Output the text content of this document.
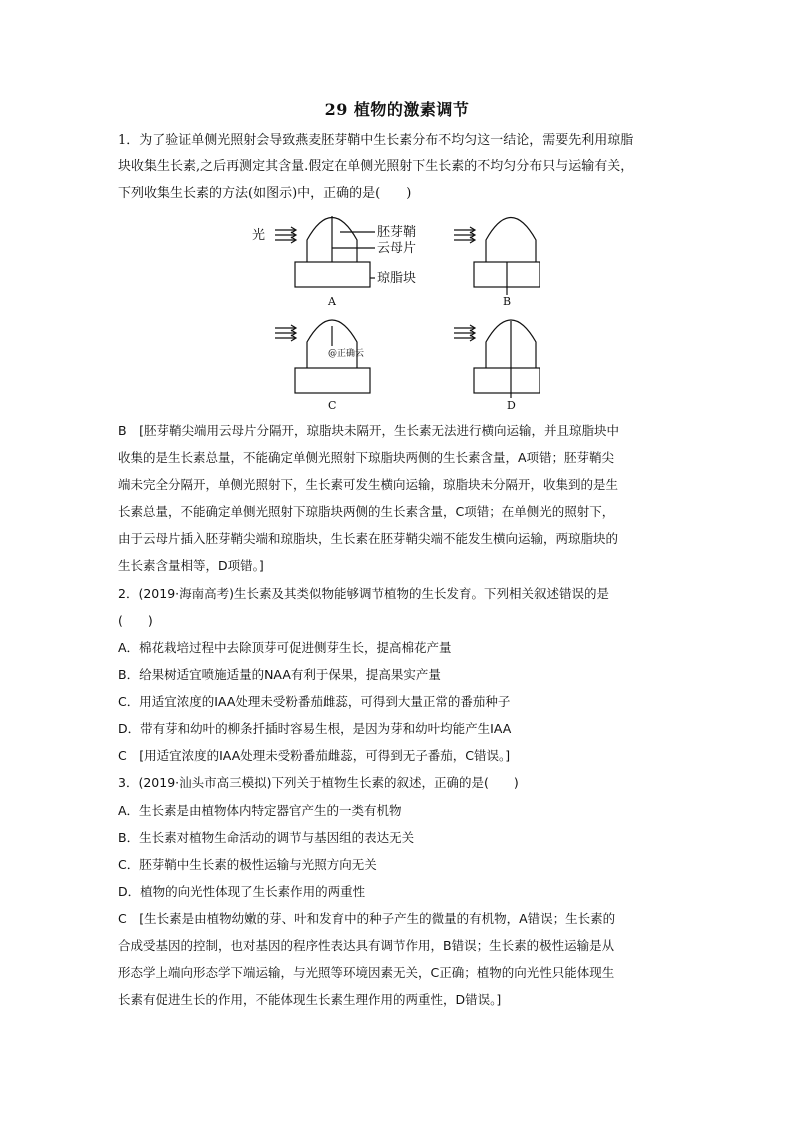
29 植物的激素调节
1．为了验证单侧光照射会导致燕麦胚芽鞘中生长素分布不均匀这一结论，需要先利用琼脂
块收集生长素,之后再测定其含量.假定在单侧光照射下生长素的不均匀分布只与运输有关，
下列收集生长素的方法(如图示)中，正确的是(　　)
光	胚芽鞘
云母片
琼脂块
A	B
C	D
@正确云
B　[胚芽鞘尖端用云母片分隔开，琼脂块未隔开，生长素无法进行横向运输，并且琼脂块中
收集的是生长素总量，不能确定单侧光照射下琼脂块两侧的生长素含量，A项错；胚芽鞘尖
端未完全分隔开，单侧光照射下，生长素可发生横向运输，琼脂块未分隔开，收集到的是生
长素总量，不能确定单侧光照射下琼脂块两侧的生长素含量，C项错；在单侧光的照射下，
由于云母片插入胚芽鞘尖端和琼脂块，生长素在胚芽鞘尖端不能发生横向运输，两琼脂块的
生长素含量相等，D项错。]
2．(2019·海南高考)生长素及其类似物能够调节植物的生长发育。下列相关叙述错误的是
(　　)
A．棉花栽培过程中去除顶芽可促进侧芽生长，提高棉花产量
B．给果树适宜喷施适量的NAA有利于保果，提高果实产量
C．用适宜浓度的IAA处理未受粉番茄雌蕊，可得到大量正常的番茄种子
D．带有芽和幼叶的柳条扦插时容易生根，是因为芽和幼叶均能产生IAA
C　[用适宜浓度的IAA处理未受粉番茄雌蕊，可得到无子番茄，C错误。]
3．(2019·汕头市高三模拟)下列关于植物生长素的叙述，正确的是(　　)
A．生长素是由植物体内特定器官产生的一类有机物
B．生长素对植物生命活动的调节与基因组的表达无关
C．胚芽鞘中生长素的极性运输与光照方向无关
D．植物的向光性体现了生长素作用的两重性
C　[生长素是由植物幼嫩的芽、叶和发育中的种子产生的微量的有机物，A错误；生长素的
合成受基因的控制，也对基因的程序性表达具有调节作用，B错误；生长素的极性运输是从
形态学上端向形态学下端运输，与光照等环境因素无关，C正确；植物的向光性只能体现生
长素有促进生长的作用，不能体现生长素生理作用的两重性，D错误。]
